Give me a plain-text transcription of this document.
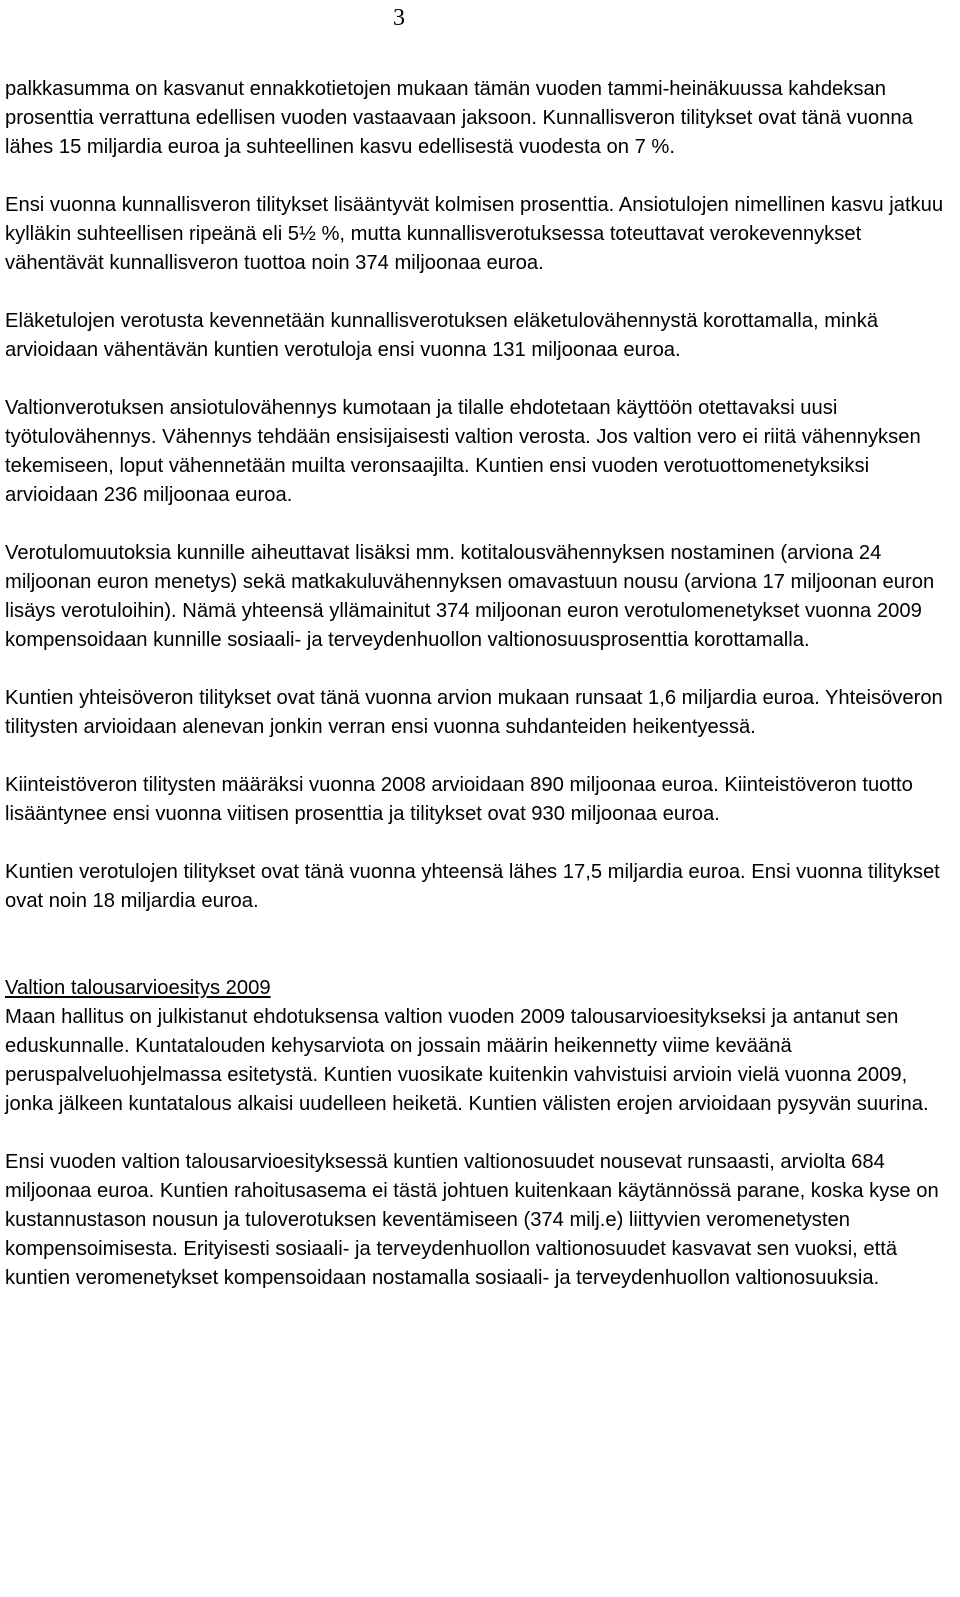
3

palkkasumma on kasvanut ennakkotietojen mukaan tämän vuoden tammi-heinäkuussa kahdeksan prosenttia verrattuna edellisen vuoden vastaavaan jaksoon. Kunnallisveron tilitykset ovat tänä vuonna lähes 15 miljardia euroa ja suhteellinen kasvu edellisestä vuodesta on 7 %.

Ensi vuonna kunnallisveron tilitykset lisääntyvät kolmisen prosenttia. Ansiotulojen nimellinen kasvu jatkuu kylläkin suhteellisen ripeänä eli 5½ %, mutta kunnallisverotuksessa toteuttavat verokevennykset vähentävät kunnallisveron tuottoa noin 374 miljoonaa euroa.

Eläketulojen verotusta kevennetään kunnallisverotuksen eläketulovähennystä korottamalla, minkä arvioidaan vähentävän kuntien verotuloja ensi vuonna 131 miljoonaa euroa.

Valtionverotuksen ansiotulovähennys kumotaan ja tilalle ehdotetaan käyttöön otettavaksi uusi työtulovähennys. Vähennys tehdään ensisijaisesti valtion verosta. Jos valtion vero ei riitä vähennyksen tekemiseen, loput vähennetään muilta veronsaajilta. Kuntien ensi vuoden verotuottomenetyksiksi arvioidaan 236 miljoonaa euroa.

Verotulomuutoksia kunnille aiheuttavat lisäksi mm. kotitalousvähennyksen nostaminen (arviona 24 miljoonan euron menetys) sekä matkakuluvähennyksen omavastuun nousu (arviona 17 miljoonan euron lisäys verotuloihin). Nämä yhteensä yllämainitut 374 miljoonan euron verotulomenetykset vuonna 2009 kompensoidaan kunnille sosiaali- ja terveydenhuollon valtionosuusprosenttia korottamalla.

Kuntien yhteisöveron tilitykset ovat tänä vuonna arvion mukaan runsaat 1,6 miljardia euroa. Yhteisöveron tilitysten arvioidaan alenevan jonkin verran ensi vuonna suhdanteiden heikentyessä.

Kiinteistöveron tilitysten määräksi vuonna 2008 arvioidaan 890 miljoonaa euroa. Kiinteistöveron tuotto lisääntynee ensi vuonna viitisen prosenttia ja tilitykset ovat 930 miljoonaa euroa.

Kuntien verotulojen tilitykset ovat tänä vuonna yhteensä lähes 17,5 miljardia euroa. Ensi vuonna tilitykset ovat noin 18 miljardia euroa.

Valtion talousarvioesitys 2009

Maan hallitus on julkistanut ehdotuksensa valtion vuoden 2009 talousarvioesitykseksi ja antanut sen eduskunnalle. Kuntatalouden kehysarviota on jossain määrin heikennetty viime keväänä peruspalveluohjelmassa esitetystä. Kuntien vuosikate kuitenkin vahvistuisi arvioin vielä vuonna 2009, jonka jälkeen kuntatalous alkaisi uudelleen heiketä. Kuntien välisten erojen arvioidaan pysyvän suurina.

Ensi vuoden valtion talousarvioesityksessä kuntien valtionosuudet nousevat runsaasti, arviolta 684 miljoonaa euroa. Kuntien rahoitusasema ei tästä johtuen kuitenkaan käytännössä parane, koska kyse on kustannustason nousun ja tuloverotuksen keventämiseen (374 milj.e) liittyvien veromenetysten kompensoimisesta. Erityisesti sosiaali- ja terveydenhuollon valtionosuudet kasvavat sen vuoksi, että kuntien veromenetykset kompensoidaan nostamalla sosiaali- ja terveydenhuollon valtionosuuksia.
